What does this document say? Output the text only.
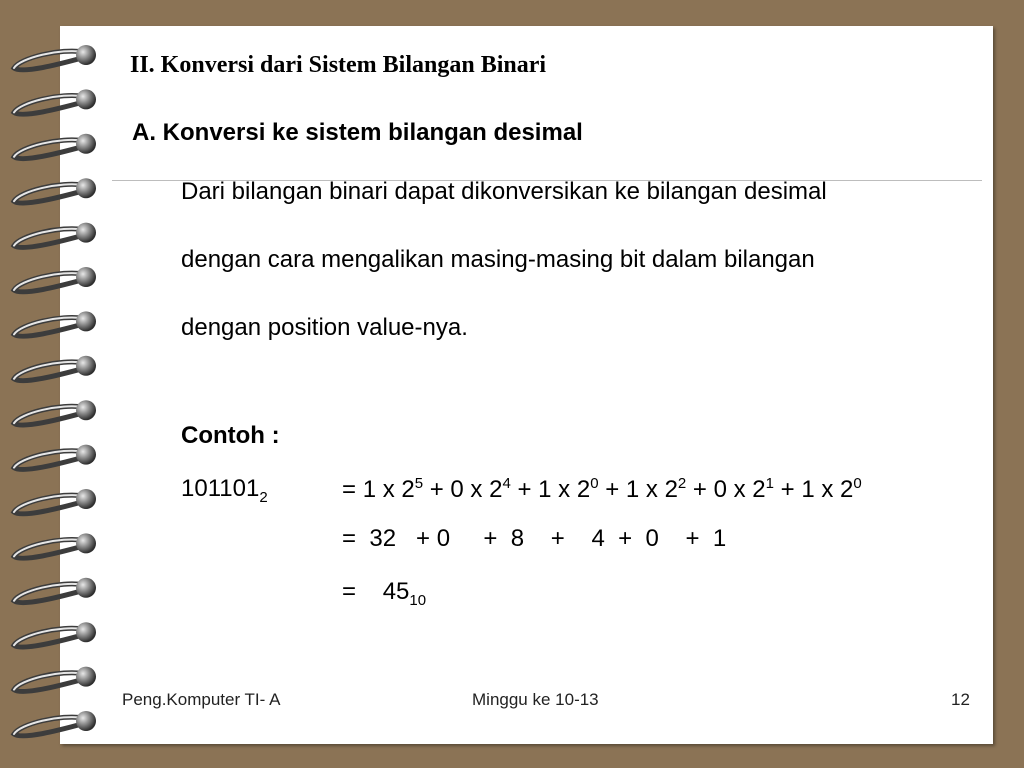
II. Konversi dari Sistem Bilangan Binari
A. Konversi ke sistem bilangan desimal
Dari bilangan binari dapat dikonversikan ke bilangan desimal
dengan cara mengalikan masing-masing bit dalam bilangan
dengan position value-nya.
Contoh :
$101101_2$	= 1 x $2^5 + 0$ x $2^4 + 1$ x $2^0 + 1$ x $2^2 + 0$ x $2^1 + 1$ x $2^0$
=  32   + 0     +  8    +    4  +  0    +  1
=    $45_{10}$
Peng.Komputer TI- A	Minggu ke 10-13	12
